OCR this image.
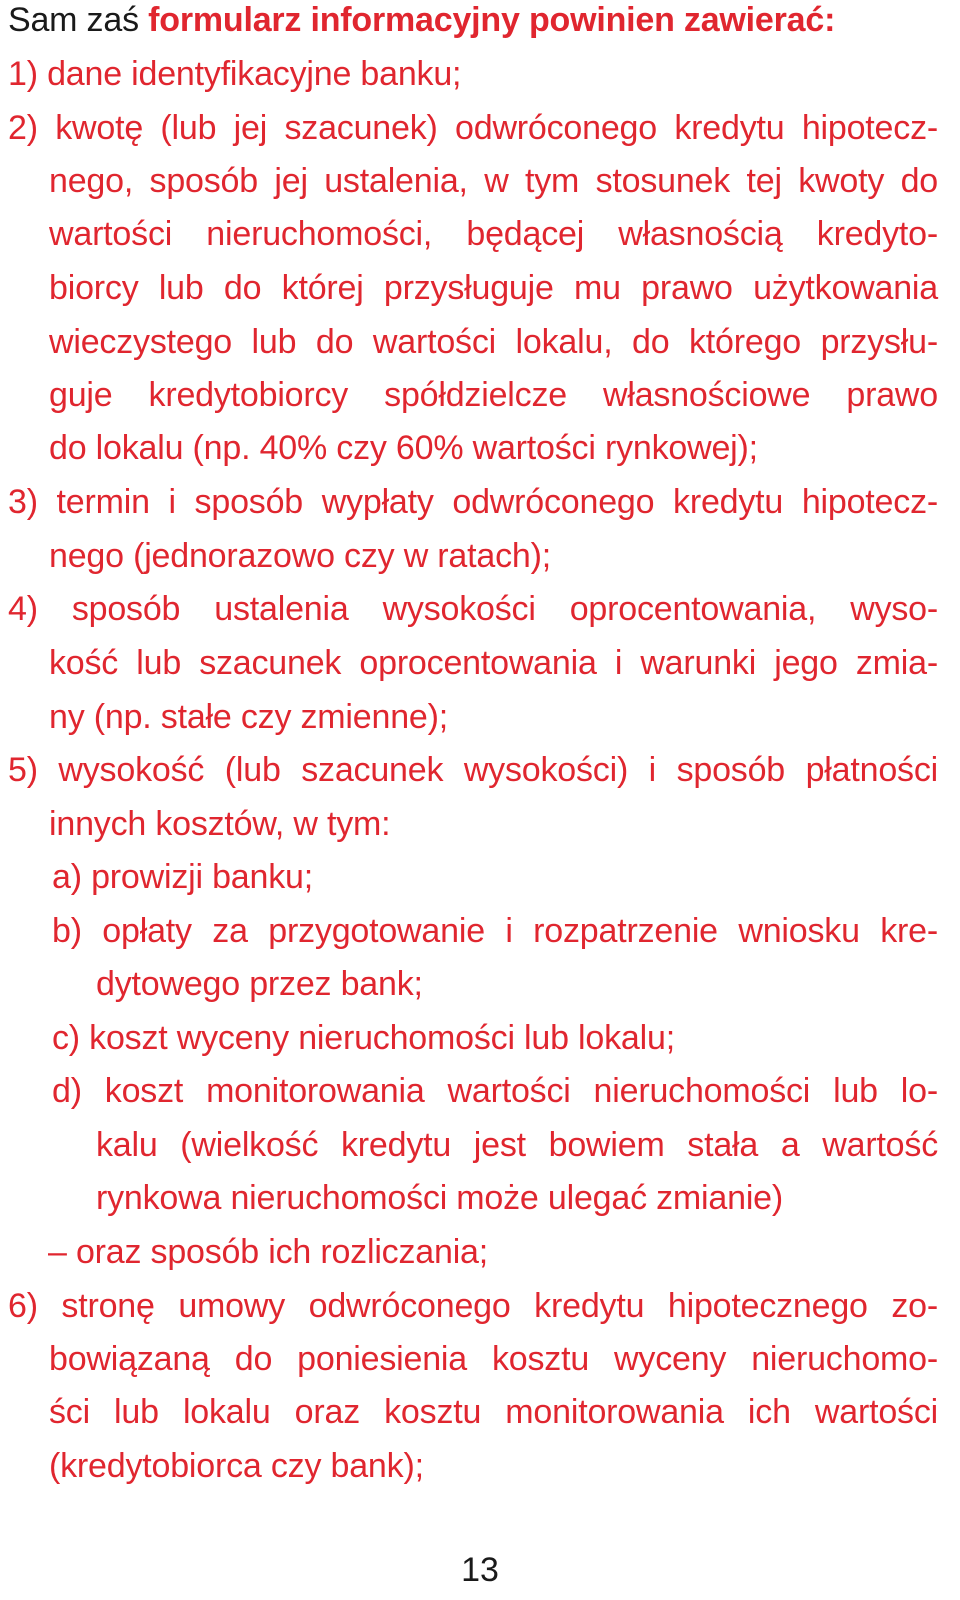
Sam zaś formularz informacyjny powinien zawierać:
1) dane identyfikacyjne banku;
2) kwotę (lub jej szacunek) odwróconego kredytu hipotecz-
nego, sposób jej ustalenia, w tym stosunek tej kwoty do
wartości nieruchomości, będącej własnością kredyto-
biorcy lub do której przysługuje mu prawo użytkowania
wieczystego lub do wartości lokalu, do którego przysłu-
guje kredytobiorcy spółdzielcze własnościowe prawo
do lokalu (np. 40% czy 60% wartości rynkowej);
3) termin i sposób wypłaty odwróconego kredytu hipotecz-
nego (jednorazowo czy w ratach);
4) sposób ustalenia wysokości oprocentowania, wyso-
kość lub szacunek oprocentowania i warunki jego zmia-
ny (np. stałe czy zmienne);
5) wysokość (lub szacunek wysokości) i sposób płatności
innych kosztów, w tym:
a) prowizji banku;
b) opłaty za przygotowanie i rozpatrzenie wniosku kre-
dytowego przez bank;
c) koszt wyceny nieruchomości lub lokalu;
d) koszt monitorowania wartości nieruchomości lub lo-
kalu (wielkość kredytu jest bowiem stała a wartość
rynkowa nieruchomości może ulegać zmianie)
– oraz sposób ich rozliczania;
6) stronę umowy odwróconego kredytu hipotecznego zo-
bowiązaną do poniesienia kosztu wyceny nieruchomo-
ści lub lokalu oraz kosztu monitorowania ich wartości
(kredytobiorca czy bank);
13
